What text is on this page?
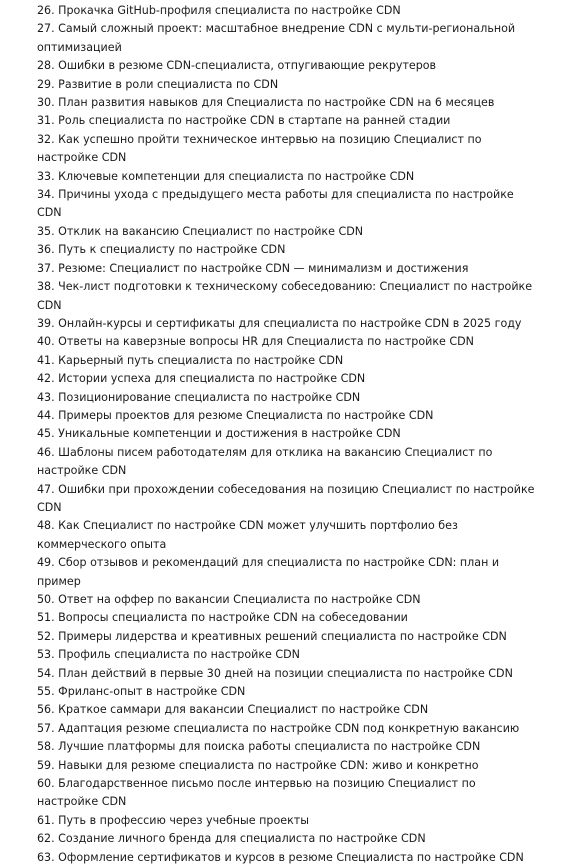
26. Прокачка GitHub-профиля специалиста по настройке CDN
27. Самый сложный проект: масштабное внедрение CDN с мульти-региональной оптимизацией
28. Ошибки в резюме CDN-специалиста, отпугивающие рекрутеров
29. Развитие в роли специалиста по CDN
30. План развития навыков для Специалиста по настройке CDN на 6 месяцев
31. Роль специалиста по настройке CDN в стартапе на ранней стадии
32. Как успешно пройти техническое интервью на позицию Специалист по настройке CDN
33. Ключевые компетенции для специалиста по настройке CDN
34. Причины ухода с предыдущего места работы для специалиста по настройке CDN
35. Отклик на вакансию Специалист по настройке CDN
36. Путь к специалисту по настройке CDN
37. Резюме: Специалист по настройке CDN — минимализм и достижения
38. Чек-лист подготовки к техническому собеседованию: Специалист по настройке CDN
39. Онлайн-курсы и сертификаты для специалиста по настройке CDN в 2025 году
40. Ответы на каверзные вопросы HR для Специалиста по настройке CDN
41. Карьерный путь специалиста по настройке CDN
42. Истории успеха для специалиста по настройке CDN
43. Позиционирование специалиста по настройке CDN
44. Примеры проектов для резюме Специалиста по настройке CDN
45. Уникальные компетенции и достижения в настройке CDN
46. Шаблоны писем работодателям для отклика на вакансию Специалист по настройке CDN
47. Ошибки при прохождении собеседования на позицию Специалист по настройке CDN
48. Как Специалист по настройке CDN может улучшить портфолио без коммерческого опыта
49. Сбор отзывов и рекомендаций для специалиста по настройке CDN: план и пример
50. Ответ на оффер по вакансии Специалиста по настройке CDN
51. Вопросы специалиста по настройке CDN на собеседовании
52. Примеры лидерства и креативных решений специалиста по настройке CDN
53. Профиль специалиста по настройке CDN
54. План действий в первые 30 дней на позиции специалиста по настройке CDN
55. Фриланс-опыт в настройке CDN
56. Краткое саммари для вакансии Специалист по настройке CDN
57. Адаптация резюме специалиста по настройке CDN под конкретную вакансию
58. Лучшие платформы для поиска работы специалиста по настройке CDN
59. Навыки для резюме специалиста по настройке CDN: живо и конкретно
60. Благодарственное письмо после интервью на позицию Специалист по настройке CDN
61. Путь в профессию через учебные проекты
62. Создание личного бренда для специалиста по настройке CDN
63. Оформление сертификатов и курсов в резюме Специалиста по настройке CDN
